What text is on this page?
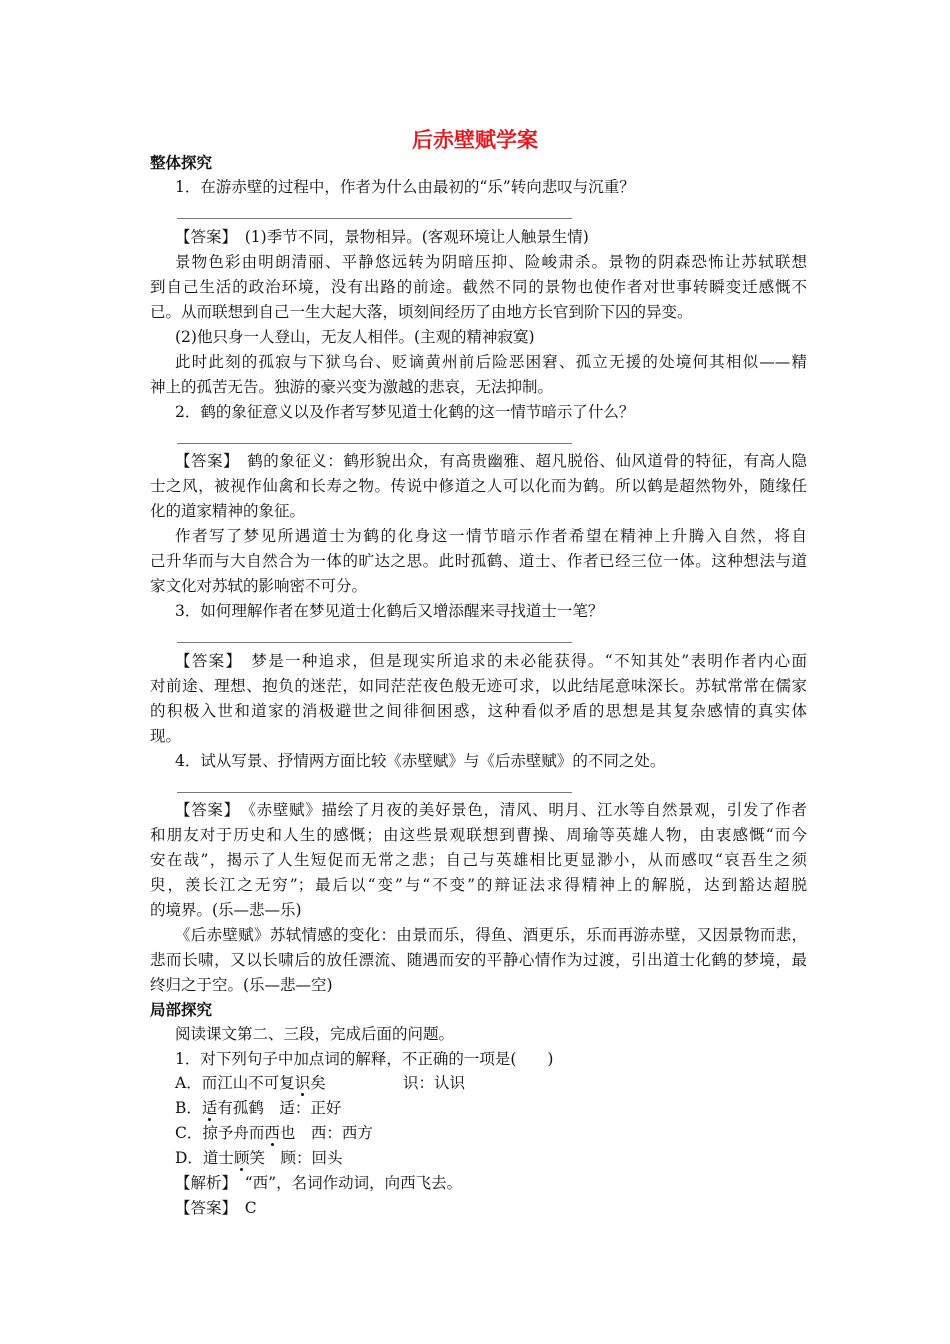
后赤壁赋学案
整体探究
1．在游赤壁的过程中，作者为什么由最初的“乐”转向悲叹与沉重？
【答案】　(1)季节不同，景物相异。(客观环境让人触景生情)
景物色彩由明朗清丽、平静悠远转为阴暗压抑、险峻肃杀。景物的阴森恐怖让苏轼联想
到自己生活的政治环境，没有出路的前途。截然不同的景物也使作者对世事转瞬变迁感慨不
已。从而联想到自己一生大起大落，顷刻间经历了由地方长官到阶下囚的异变。
(2)他只身一人登山，无友人相伴。(主观的精神寂寞)
此时此刻的孤寂与下狱乌台、贬谪黄州前后险恶困窘、孤立无援的处境何其相似——精
神上的孤苦无告。独游的豪兴变为激越的悲哀，无法抑制。
2．鹤的象征意义以及作者写梦见道士化鹤的这一情节暗示了什么？
【答案】　鹤的象征义：鹤形貌出众，有高贵幽雅、超凡脱俗、仙风道骨的特征，有高人隐
士之风，被视作仙禽和长寿之物。传说中修道之人可以化而为鹤。所以鹤是超然物外，随缘任
化的道家精神的象征。
作者写了梦见所遇道士为鹤的化身这一情节暗示作者希望在精神上升腾入自然，将自
己升华而与大自然合为一体的旷达之思。此时孤鹤、道士、作者已经三位一体。这种想法与道
家文化对苏轼的影响密不可分。
3．如何理解作者在梦见道士化鹤后又增添醒来寻找道士一笔？
【答案】　梦是一种追求，但是现实所追求的未必能获得。“不知其处”表明作者内心面
对前途、理想、抱负的迷茫，如同茫茫夜色般无迹可求，以此结尾意味深长。苏轼常常在儒家
的积极入世和道家的消极避世之间徘徊困惑，这种看似矛盾的思想是其复杂感情的真实体
现。
4．试从写景、抒情两方面比较《赤壁赋》与《后赤壁赋》的不同之处。
【答案】　《赤壁赋》描绘了月夜的美好景色，清风、明月、江水等自然景观，引发了作者
和朋友对于历史和人生的感慨；由这些景观联想到曹操、周瑜等英雄人物，由衷感慨“而今
安在哉”，揭示了人生短促而无常之悲；自己与英雄相比更显渺小，从而感叹“哀吾生之须
臾，羡长江之无穷”；最后以“变”与“不变”的辩证法求得精神上的解脱，达到豁达超脱
的境界。(乐—悲—乐)
《后赤壁赋》苏轼情感的变化：由景而乐，得鱼、酒更乐，乐而再游赤壁，又因景物而悲，
悲而长啸，又以长啸后的放任漂流、随遇而安的平静心情作为过渡，引出道士化鹤的梦境，最
终归之于空。(乐—悲—空)
局部探究
阅读课文第二、三段，完成后面的问题。
1．对下列句子中加点词的解释，不正确的一项是(　　)
A．而江山不可复识矣	识：认识
B．适有孤鹤　适：正好
C．掠予舟而西也　西：西方
D．道士顾笑　顾：回头
【解析】　“西”，名词作动词，向西飞去。
【答案】　C
